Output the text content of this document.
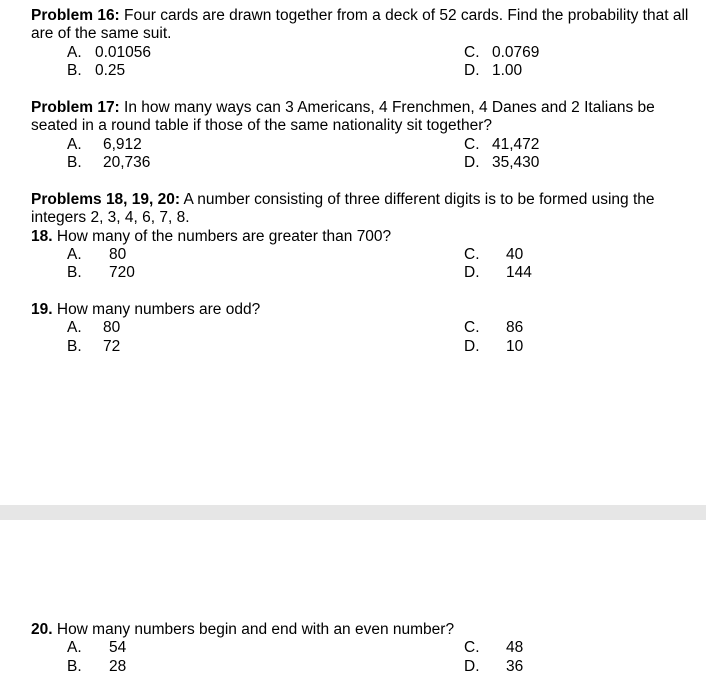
Problem 16: Four cards are drawn together from a deck of 52 cards. Find the probability that all are of the same suit.

A. 0.01056	C. 0.0769
B. 0.25	D. 1.00

Problem 17: In how many ways can 3 Americans, 4 Frenchmen, 4 Danes and 2 Italians be seated in a round table if those of the same nationality sit together?

A. 6,912	C. 41,472
B. 20,736	D. 35,430

Problems 18, 19, 20: A number consisting of three different digits is to be formed using the integers 2, 3, 4, 6, 7, 8.

18. How many of the numbers are greater than 700?

A. 80	C. 40
B. 720	D. 144

19. How many numbers are odd?

A. 80	C. 86
B. 72	D. 10

20. How many numbers begin and end with an even number?

A. 54	C. 48
B. 28	D. 36
